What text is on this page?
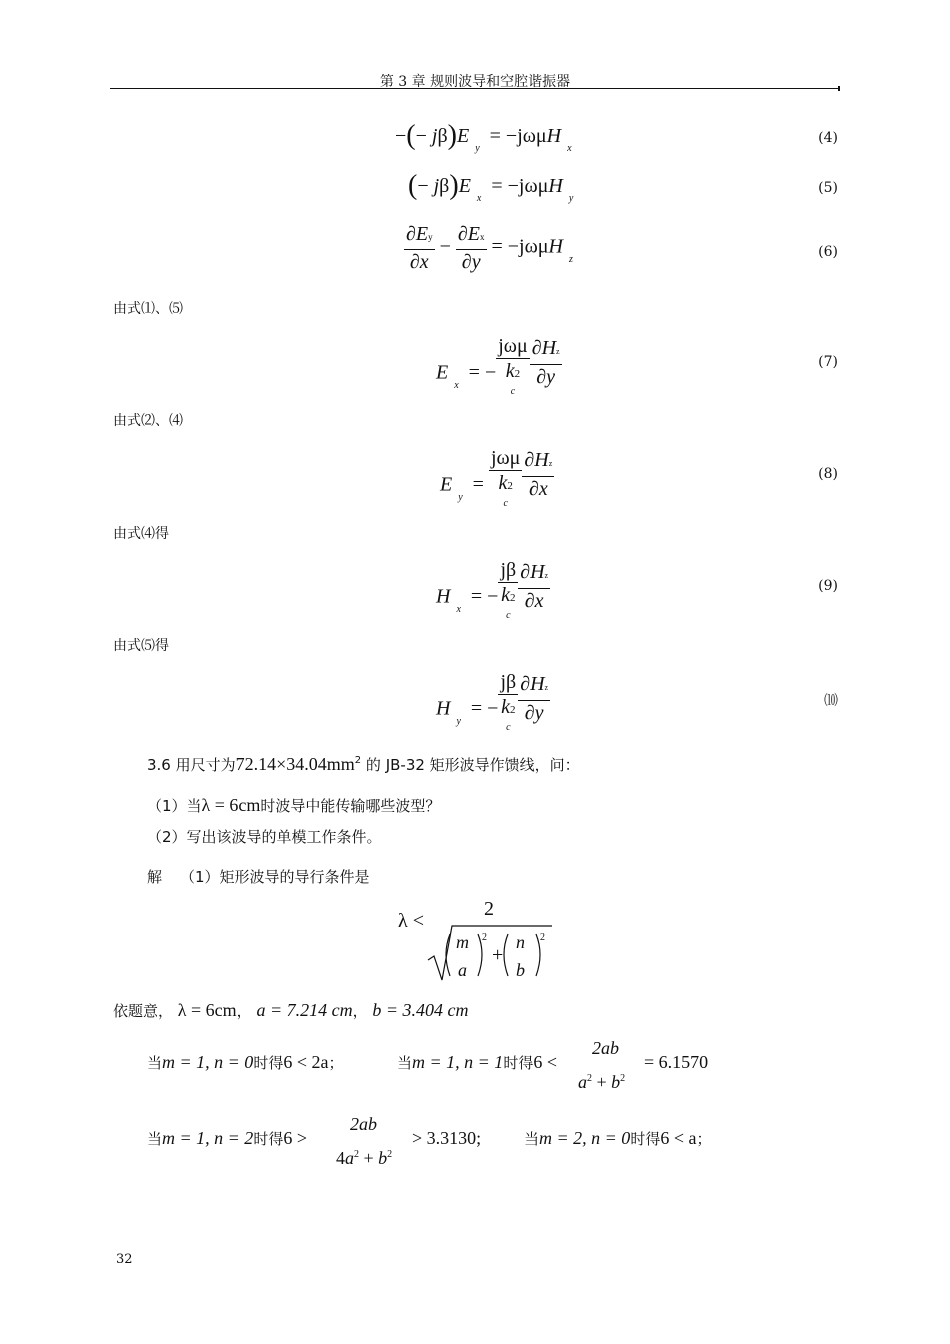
第 3 章 规则波导和空腔谐振器
−(− $j\beta)E_y = -j\omega\mu H_x$
(4)
(− $j\beta)E_x = -j\omega\mu H_y$
(5)
$\frac{\partial Ey}{\partial x} - \frac{\partial Ex}{\partial y} = -j\omega\mu H_z$	(6)
由式⑴、⑸
$E_x$  = −
jωμ
k2
$^c$
$\frac{\partial Hz}{\partial y}$	(7)
由式⑵、⑷
$E_y$  =
jωμ
k2
$^c$
$\frac{\partial Hz}{\partial x}$	(8)
由式⑷得
$H_x$  = −
jβ
k2
$^c$
$\frac{\partial Hz}{\partial x}$	(9)
由式⑸得
$H_y$  = −
jβ
k2
$^c$
$\frac{\partial Hz}{\partial y}$	⑽
3.6 用尺寸为$72.14\times 34.04mm^2$ 的 JB-32 矩形波导作馈线，问：
（1）当λ = 6cm时波导中能传输哪些波型？
（2）写出该波导的单模工作条件。
解 （1）矩形波导的导行条件是
λ <
2
m
a
2
+
n
b
2
依题意， λ = 6cm， a = 7.214 cm， b = 3.404 cm
当m = 1, n = 0时得6 < 2a；	当m = 1, n = 1时得6 <
2ab
$a^2 + b^2$
= 6.1570
当m = 1, n = 2时得6 >
2ab
$4a^2 + b^2$
> 3.3130;	当m = 2, n = 0时得6 < a；
32
